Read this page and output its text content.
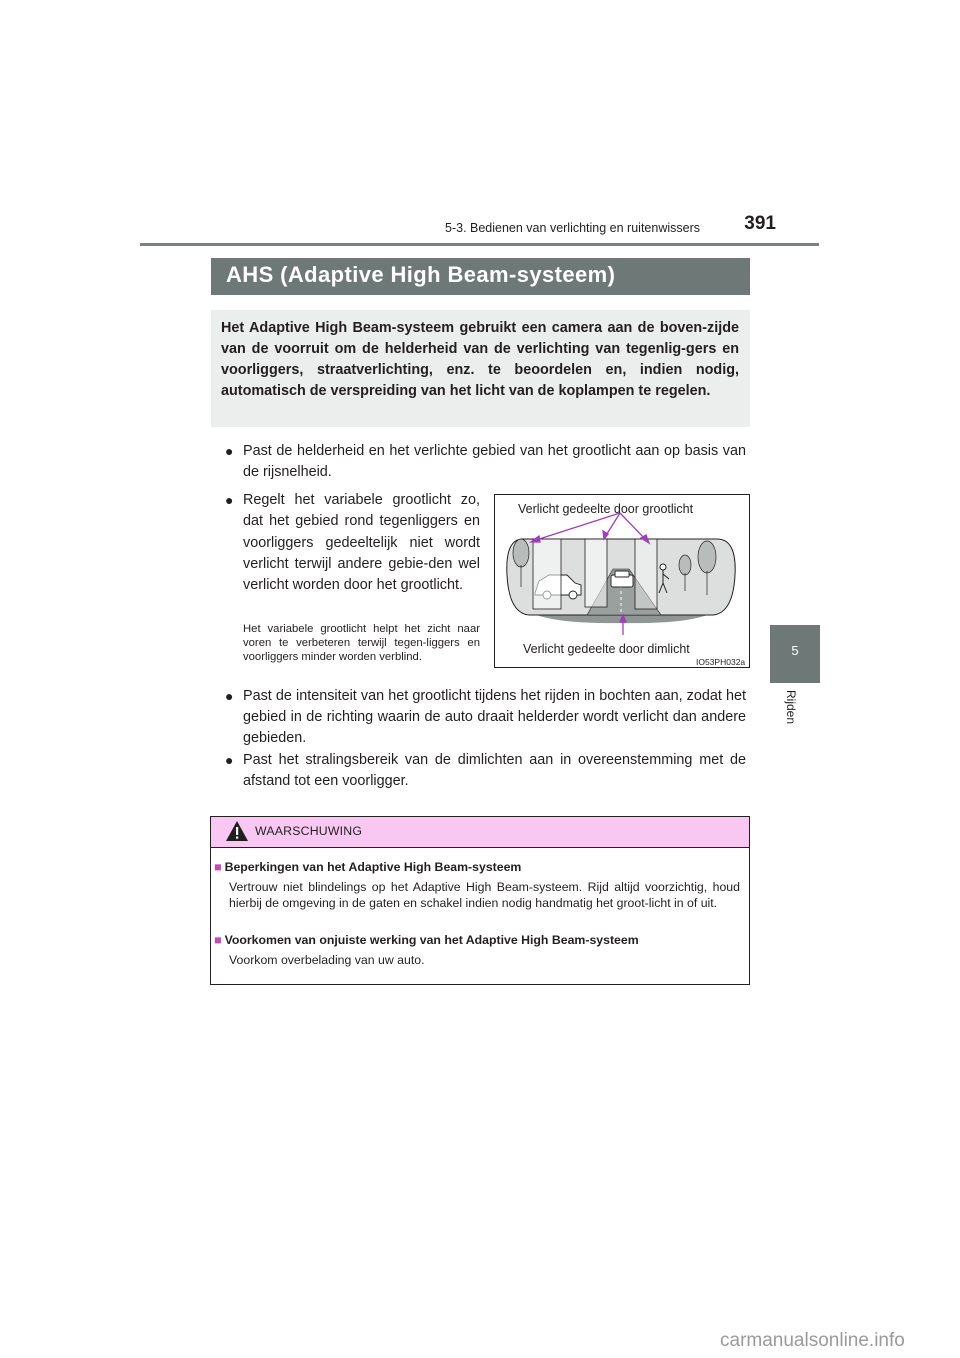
5-3. Bedienen van verlichting en ruitenwissers	391
5
Rijden
AHS (Adaptive High Beam-systeem)
Het Adaptive High Beam-systeem gebruikt een camera aan de boven-zijde van de voorruit om de helderheid van de verlichting van tegenlig-gers en voorliggers, straatverlichting, enz. te beoordelen en, indien nodig, automatisch de verspreiding van het licht van de koplampen te regelen.
● Past de helderheid en het verlichte gebied van het grootlicht aan op basis van de rijsnelheid.
● Regelt het variabele grootlicht zo, dat het gebied rond tegenliggers en voorliggers gedeeltelijk niet wordt verlicht terwijl andere gebie-den wel verlicht worden door het grootlicht.
Het variabele grootlicht helpt het zicht naar voren te verbeteren terwijl tegen-liggers en voorliggers minder worden verblind.
● Past de intensiteit van het grootlicht tijdens het rijden in bochten aan, zodat het gebied in de richting waarin de auto draait helderder wordt verlicht dan andere gebieden.
● Past het stralingsbereik van de dimlichten aan in overeenstemming met de afstand tot een voorligger.
Verlicht gedeelte door grootlicht
Verlicht gedeelte door dimlicht
IO53PH032a
WAARSCHUWING
■ Beperkingen van het Adaptive High Beam-systeem
Vertrouw niet blindelings op het Adaptive High Beam-systeem. Rijd altijd voorzichtig, houd hierbij de omgeving in de gaten en schakel indien nodig handmatig het groot-licht in of uit.
■ Voorkomen van onjuiste werking van het Adaptive High Beam-systeem
Voorkom overbelading van uw auto.
carmanualsonline.info
